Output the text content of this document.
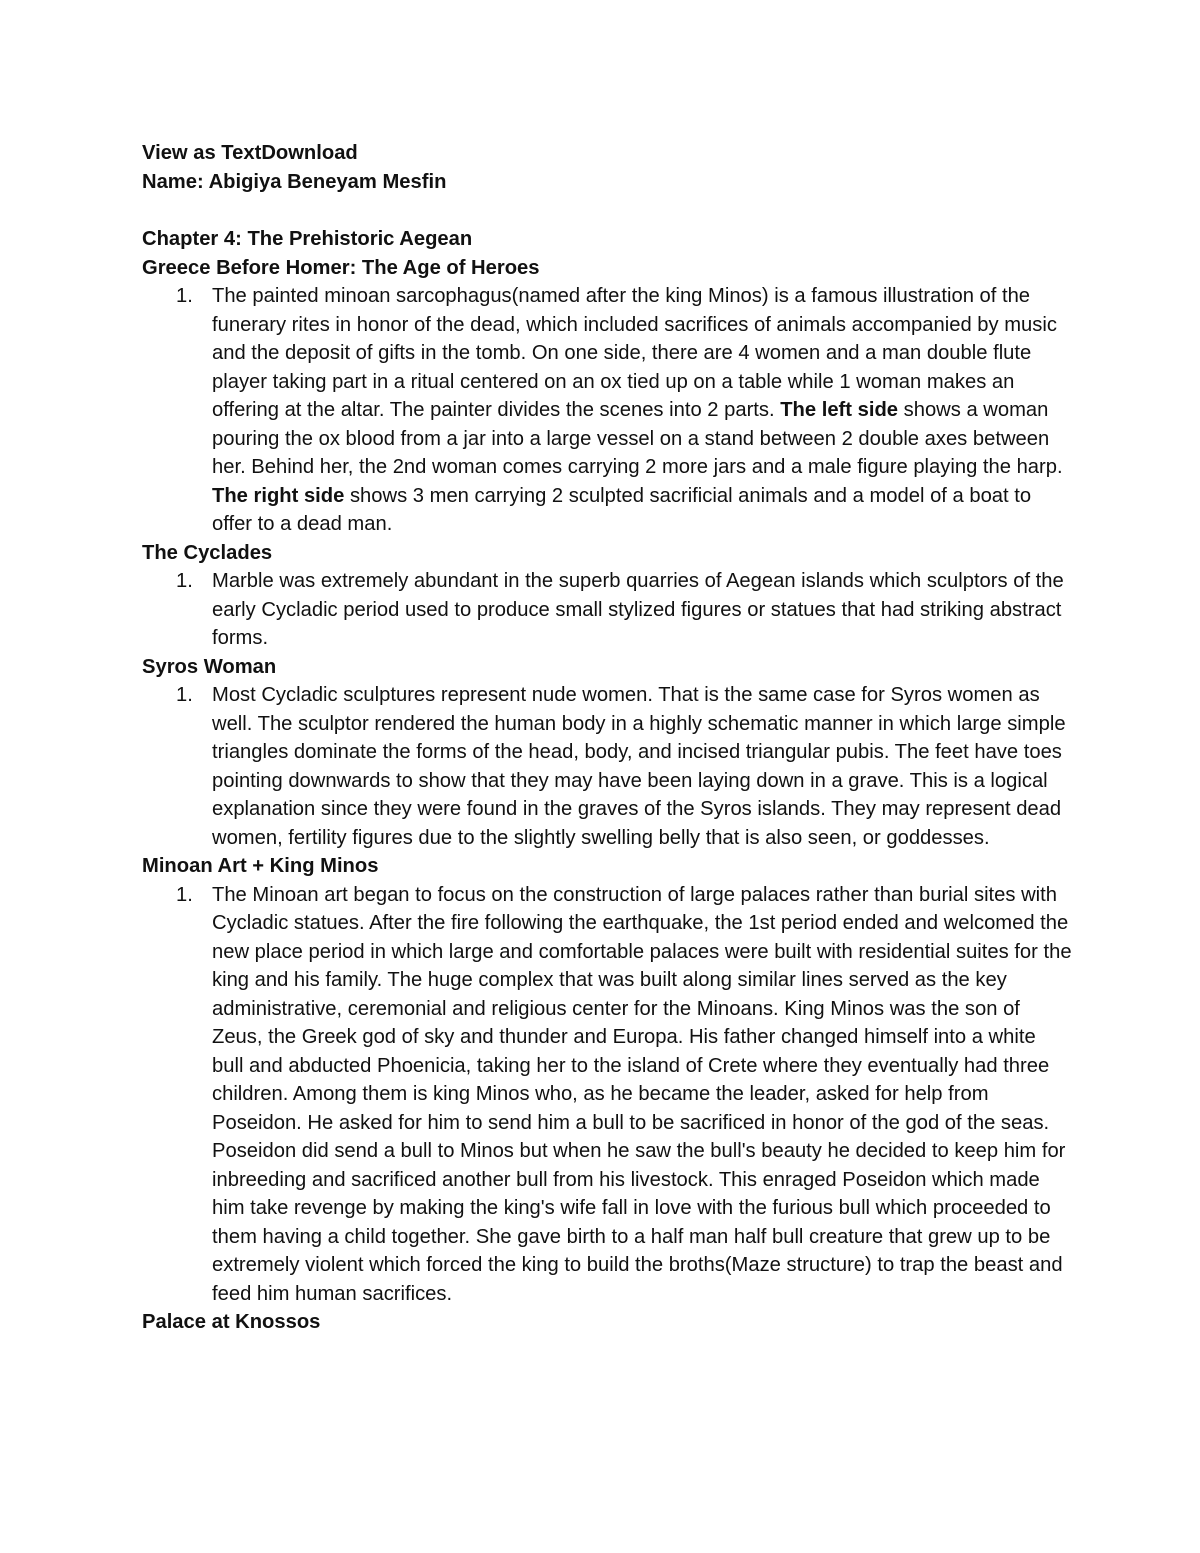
View as TextDownload
Name: Abigiya Beneyam Mesfin
Chapter 4: The Prehistoric Aegean
Greece Before Homer: The Age of Heroes
1. The painted minoan sarcophagus(named after the king Minos) is a famous illustration of the funerary rites in honor of the dead, which included sacrifices of animals accompanied by music and the deposit of gifts in the tomb. On one side, there are 4 women and a man double flute player taking part in a ritual centered on an ox tied up on a table while 1 woman makes an offering at the altar. The painter divides the scenes into 2 parts. The left side shows a woman pouring the ox blood from a jar into a large vessel on a stand between 2 double axes between her. Behind her, the 2nd woman comes carrying 2 more jars and a male figure playing the harp. The right side shows 3 men carrying 2 sculpted sacrificial animals and a model of a boat to offer to a dead man.
The Cyclades
1. Marble was extremely abundant in the superb quarries of Aegean islands which sculptors of the early Cycladic period used to produce small stylized figures or statues that had striking abstract forms.
Syros Woman
1. Most Cycladic sculptures represent nude women. That is the same case for Syros women as well. The sculptor rendered the human body in a highly schematic manner in which large simple triangles dominate the forms of the head, body, and incised triangular pubis. The feet have toes pointing downwards to show that they may have been laying down in a grave. This is a logical explanation since they were found in the graves of the Syros islands. They may represent dead women, fertility figures due to the slightly swelling belly that is also seen, or goddesses.
Minoan Art + King Minos
1. The Minoan art began to focus on the construction of large palaces rather than burial sites with Cycladic statues. After the fire following the earthquake, the 1st period ended and welcomed the new place period in which large and comfortable palaces were built with residential suites for the king and his family. The huge complex that was built along similar lines served as the key administrative, ceremonial and religious center for the Minoans. King Minos was the son of Zeus, the Greek god of sky and thunder and Europa. His father changed himself into a white bull and abducted Phoenicia, taking her to the island of Crete where they eventually had three children. Among them is king Minos who, as he became the leader, asked for help from Poseidon. He asked for him to send him a bull to be sacrificed in honor of the god of the seas. Poseidon did send a bull to Minos but when he saw the bull's beauty he decided to keep him for inbreeding and sacrificed another bull from his livestock. This enraged Poseidon which made him take revenge by making the king's wife fall in love with the furious bull which proceeded to them having a child together. She gave birth to a half man half bull creature that grew up to be extremely violent which forced the king to build the broths(Maze structure) to trap the beast and feed him human sacrifices.
Palace at Knossos
